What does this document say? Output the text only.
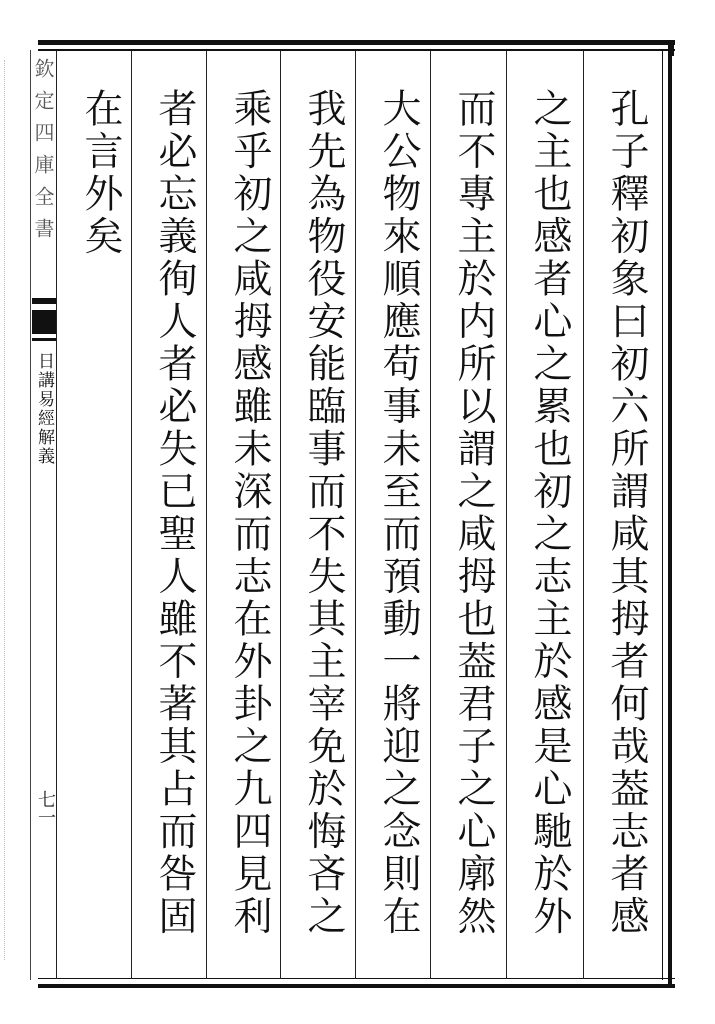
欽定四庫全書
日講易經解義
七一	孔子釋初象曰初六所謂咸其拇者何哉葢志者感
之主也感者心之累也初之志主於感是心馳於外
而不專主於内所以謂之咸拇也葢君子之心廓然
大公物來順應苟事未至而預動一將迎之念則在
我先為物役安能臨事而不失其主宰免於悔吝之
乘乎初之咸拇感雖未深而志在外卦之九四見利
者必忘義徇人者必失已聖人雖不著其占而咎固
在言外矣
